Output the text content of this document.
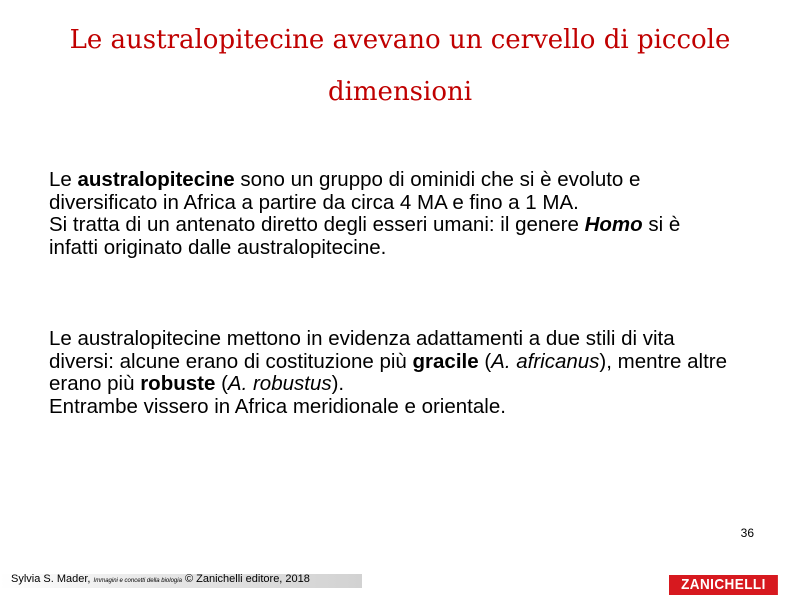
Le australopitecine avevano un cervello di piccole dimensioni
Le australopitecine sono un gruppo di ominidi che si è evoluto e diversificato in Africa a partire da circa 4 MA e fino a 1 MA.
Si tratta di un antenato diretto degli esseri umani: il genere Homo si è infatti originato dalle australopitecine.
Le australopitecine mettono in evidenza adattamenti a due stili di vita diversi: alcune erano di costituzione più gracile (A. africanus), mentre altre erano più robuste (A. robustus).
Entrambe vissero in Africa meridionale e orientale.
36
Sylvia S. Mader, Immagini e concetti della biologia © Zanichelli editore, 2018	ZANICHELLI
